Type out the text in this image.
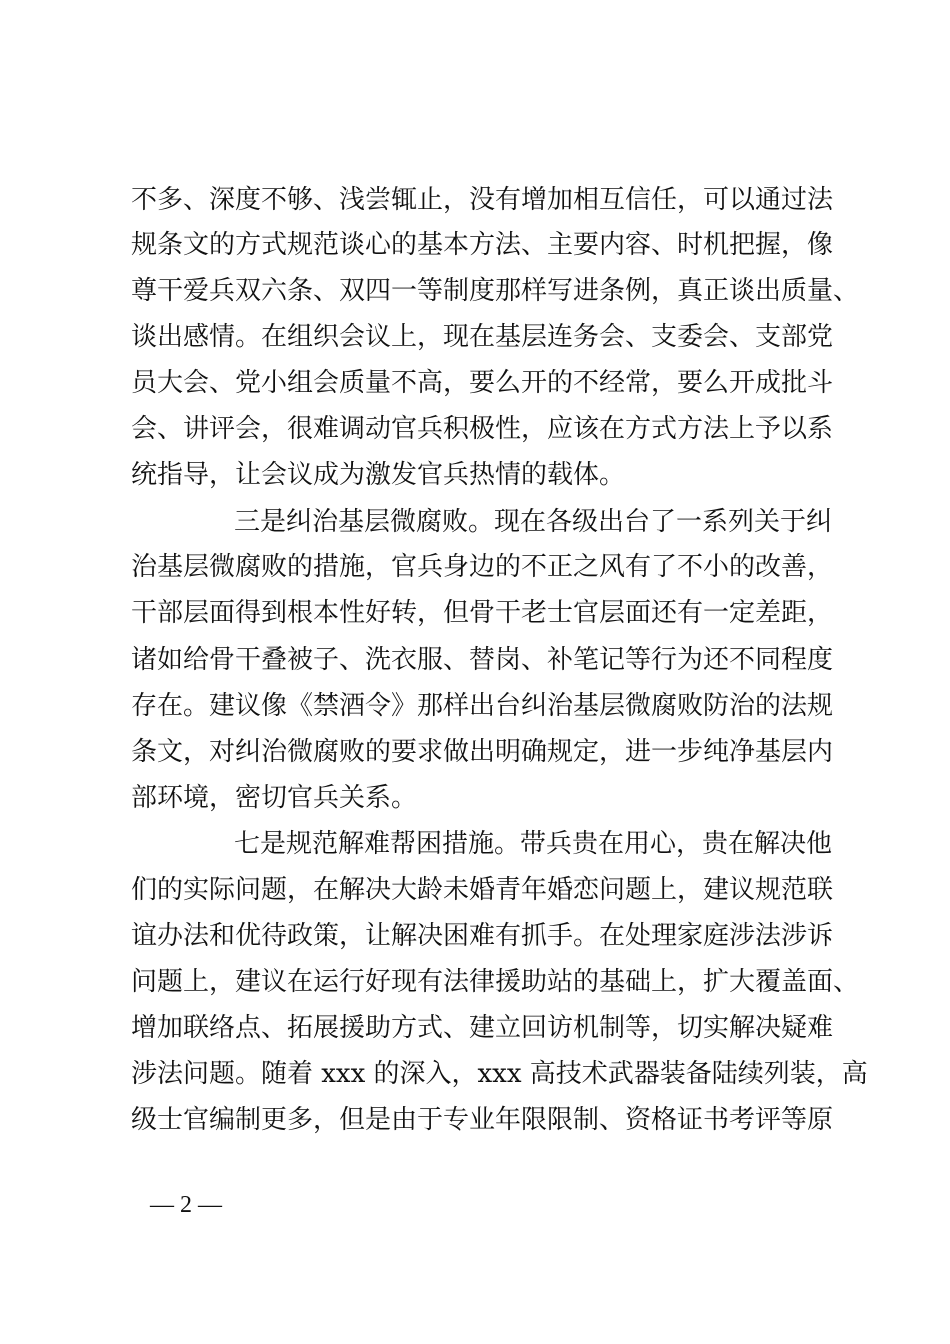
不多、深度不够、浅尝辄止，没有增加相互信任，可以通过法
规条文的方式规范谈心的基本方法、主要内容、时机把握，像
尊干爱兵双六条、双四一等制度那样写进条例，真正谈出质量、
谈出感情。在组织会议上，现在基层连务会、支委会、支部党
员大会、党小组会质量不高，要么开的不经常，要么开成批斗
会、讲评会，很难调动官兵积极性，应该在方式方法上予以系
统指导，让会议成为激发官兵热情的载体。
三是纠治基层微腐败。现在各级出台了一系列关于纠
治基层微腐败的措施，官兵身边的不正之风有了不小的改善，
干部层面得到根本性好转，但骨干老士官层面还有一定差距，
诸如给骨干叠被子、洗衣服、替岗、补笔记等行为还不同程度
存在。建议像《禁酒令》那样出台纠治基层微腐败防治的法规
条文，对纠治微腐败的要求做出明确规定，进一步纯净基层内
部环境，密切官兵关系。
七是规范解难帮困措施。带兵贵在用心，贵在解决他
们的实际问题，在解决大龄未婚青年婚恋问题上，建议规范联
谊办法和优待政策，让解决困难有抓手。在处理家庭涉法涉诉
问题上，建议在运行好现有法律援助站的基础上，扩大覆盖面、
增加联络点、拓展援助方式、建立回访机制等，切实解决疑难
涉法问题。随着 xxx 的深入，xxx 高技术武器装备陆续列装，高
级士官编制更多，但是由于专业年限限制、资格证书考评等原
— 2 —
